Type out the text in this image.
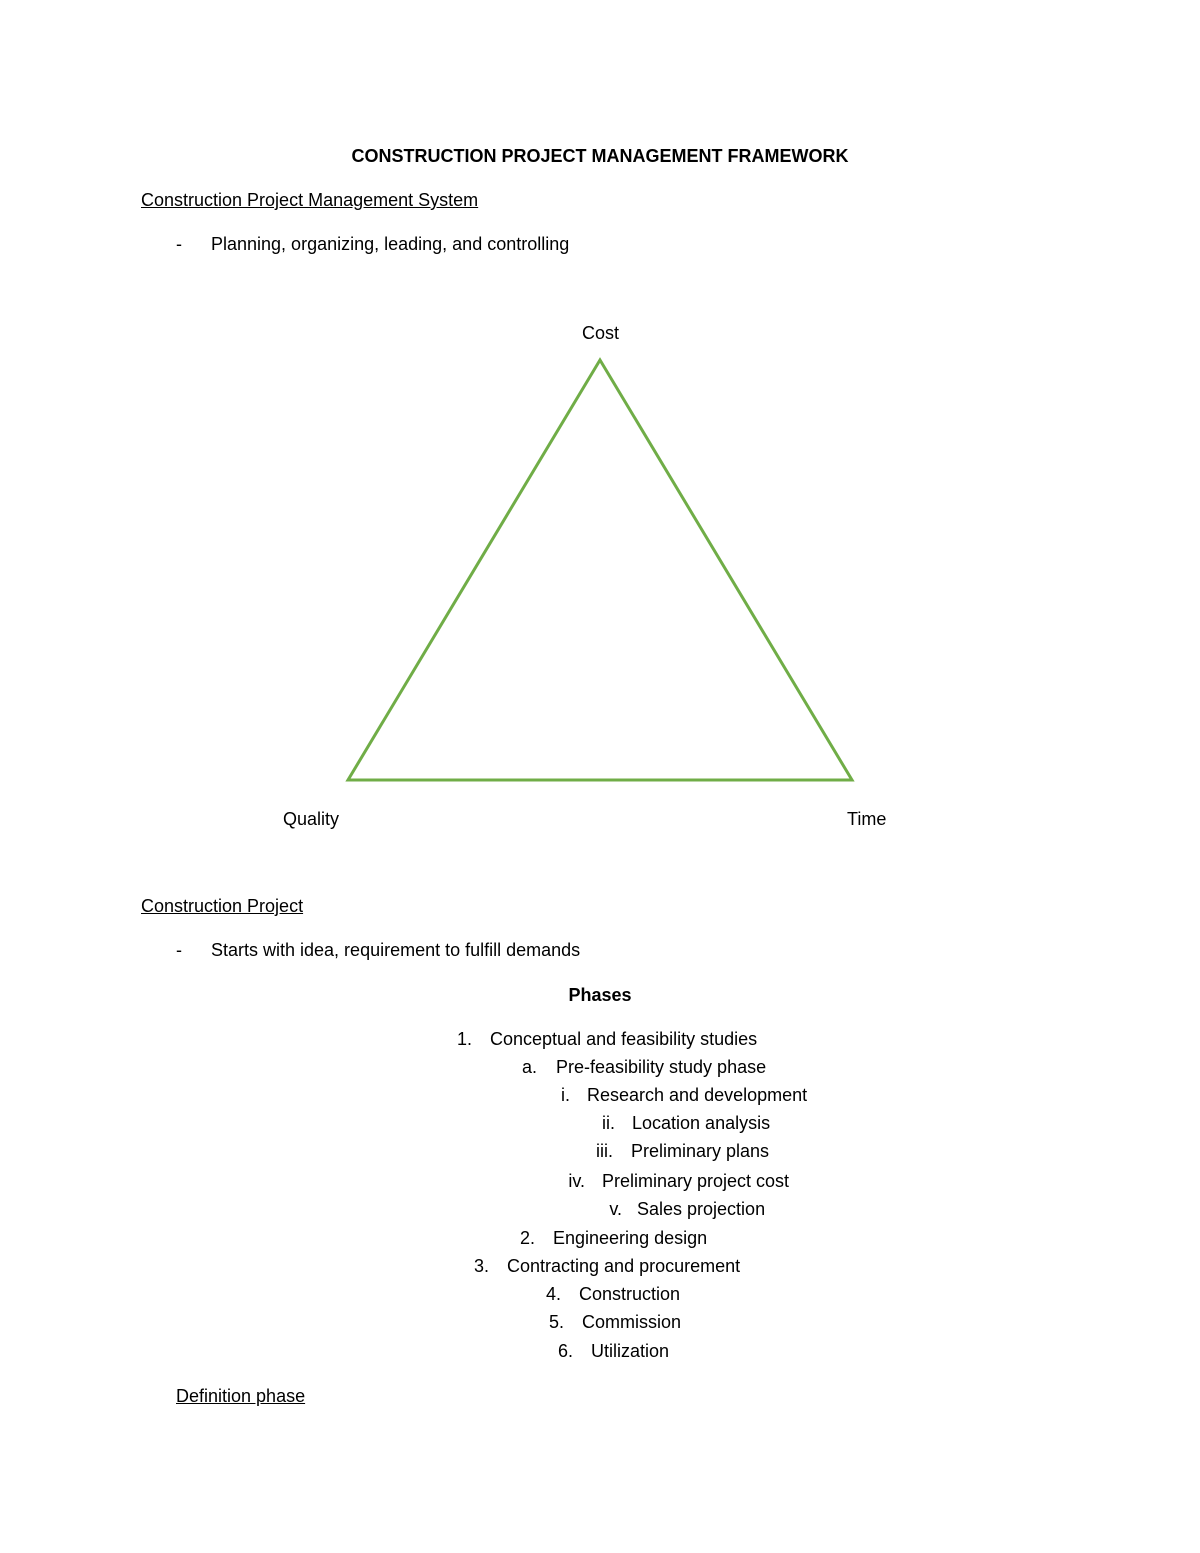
CONSTRUCTION PROJECT MANAGEMENT FRAMEWORK
Construction Project Management System
- Planning, organizing, leading, and controlling
Cost
Quality	Time
Construction Project
- Starts with idea, requirement to fulfill demands
Phases
1. Conceptual and feasibility studies
a. Pre-feasibility study phase
i. Research and development
ii. Location analysis
iii. Preliminary plans
iv. Preliminary project cost
v. Sales projection
2. Engineering design
3. Contracting and procurement
4. Construction
5. Commission
6. Utilization
Definition phase
